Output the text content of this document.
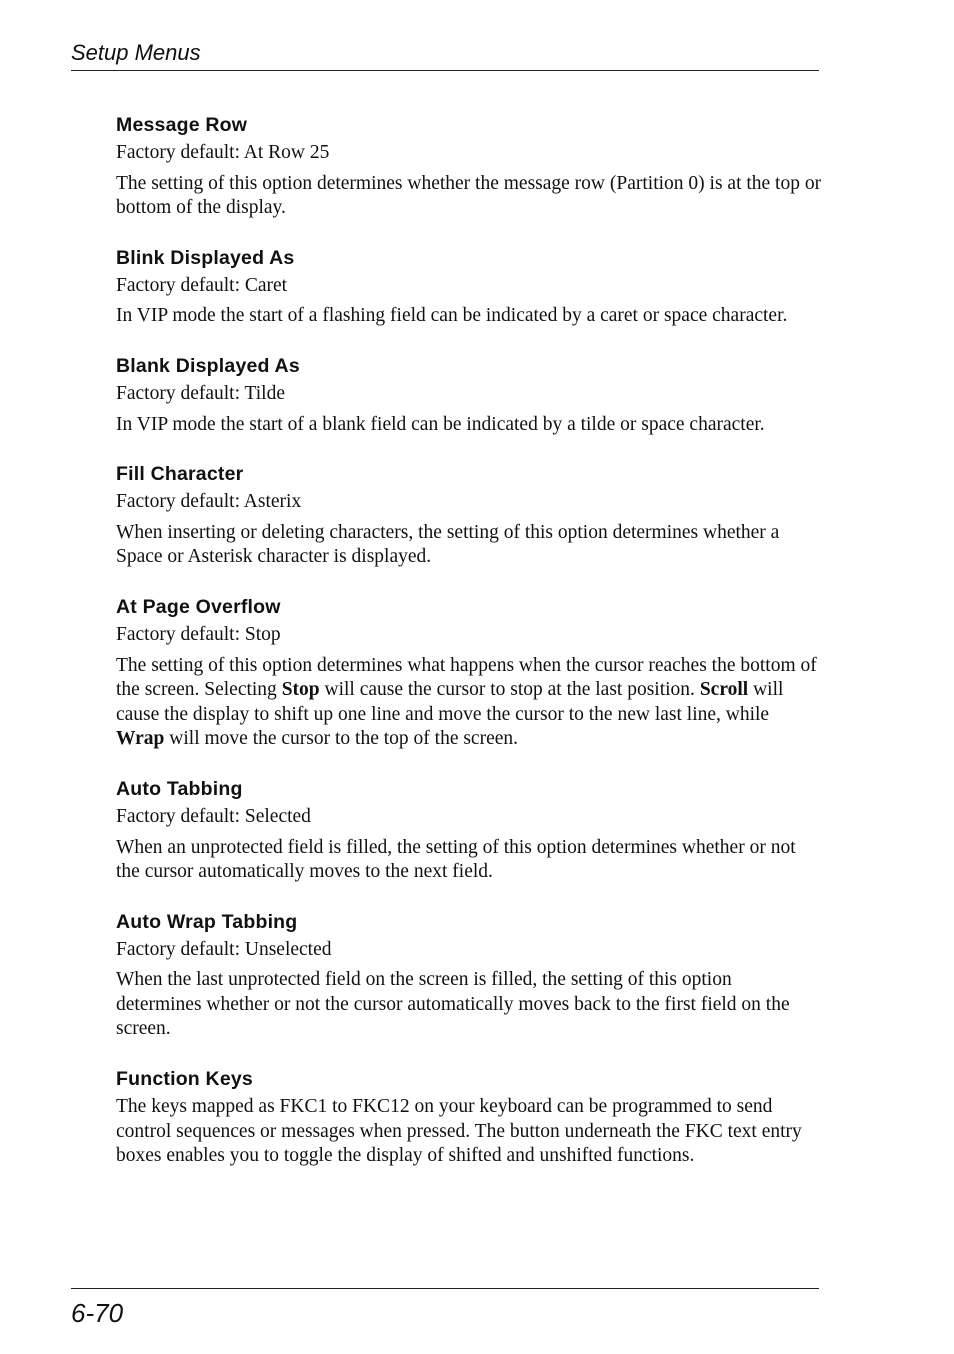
Setup Menus
Message Row

Factory default: At Row 25

The setting of this option determines whether the message row (Partition 0) is at the top or bottom of the display.

Blink Displayed As

Factory default: Caret

In VIP mode the start of a flashing field can be indicated by a caret or space character.

Blank Displayed As

Factory default: Tilde

In VIP mode the start of a blank field can be indicated by a tilde or space character.

Fill Character

Factory default: Asterix

When inserting or deleting characters, the setting of this option determines whether a Space or Asterisk character is displayed.

At Page Overflow

Factory default: Stop

The setting of this option determines what happens when the cursor reaches the bottom of the screen. Selecting Stop will cause the cursor to stop at the last position. Scroll will cause the display to shift up one line and move the cursor to the new last line, while Wrap will move the cursor to the top of the screen.

Auto Tabbing

Factory default: Selected

When an unprotected field is filled, the setting of this option determines whether or not the cursor automatically moves to the next field.

Auto Wrap Tabbing

Factory default: Unselected

When the last unprotected field on the screen is filled, the setting of this option determines whether or not the cursor automatically moves back to the first field on the screen.

Function Keys

The keys mapped as FKC1 to FKC12 on your keyboard can be programmed to send control sequences or messages when pressed. The button underneath the FKC text entry boxes enables you to toggle the display of shifted and unshifted functions.

6-70
